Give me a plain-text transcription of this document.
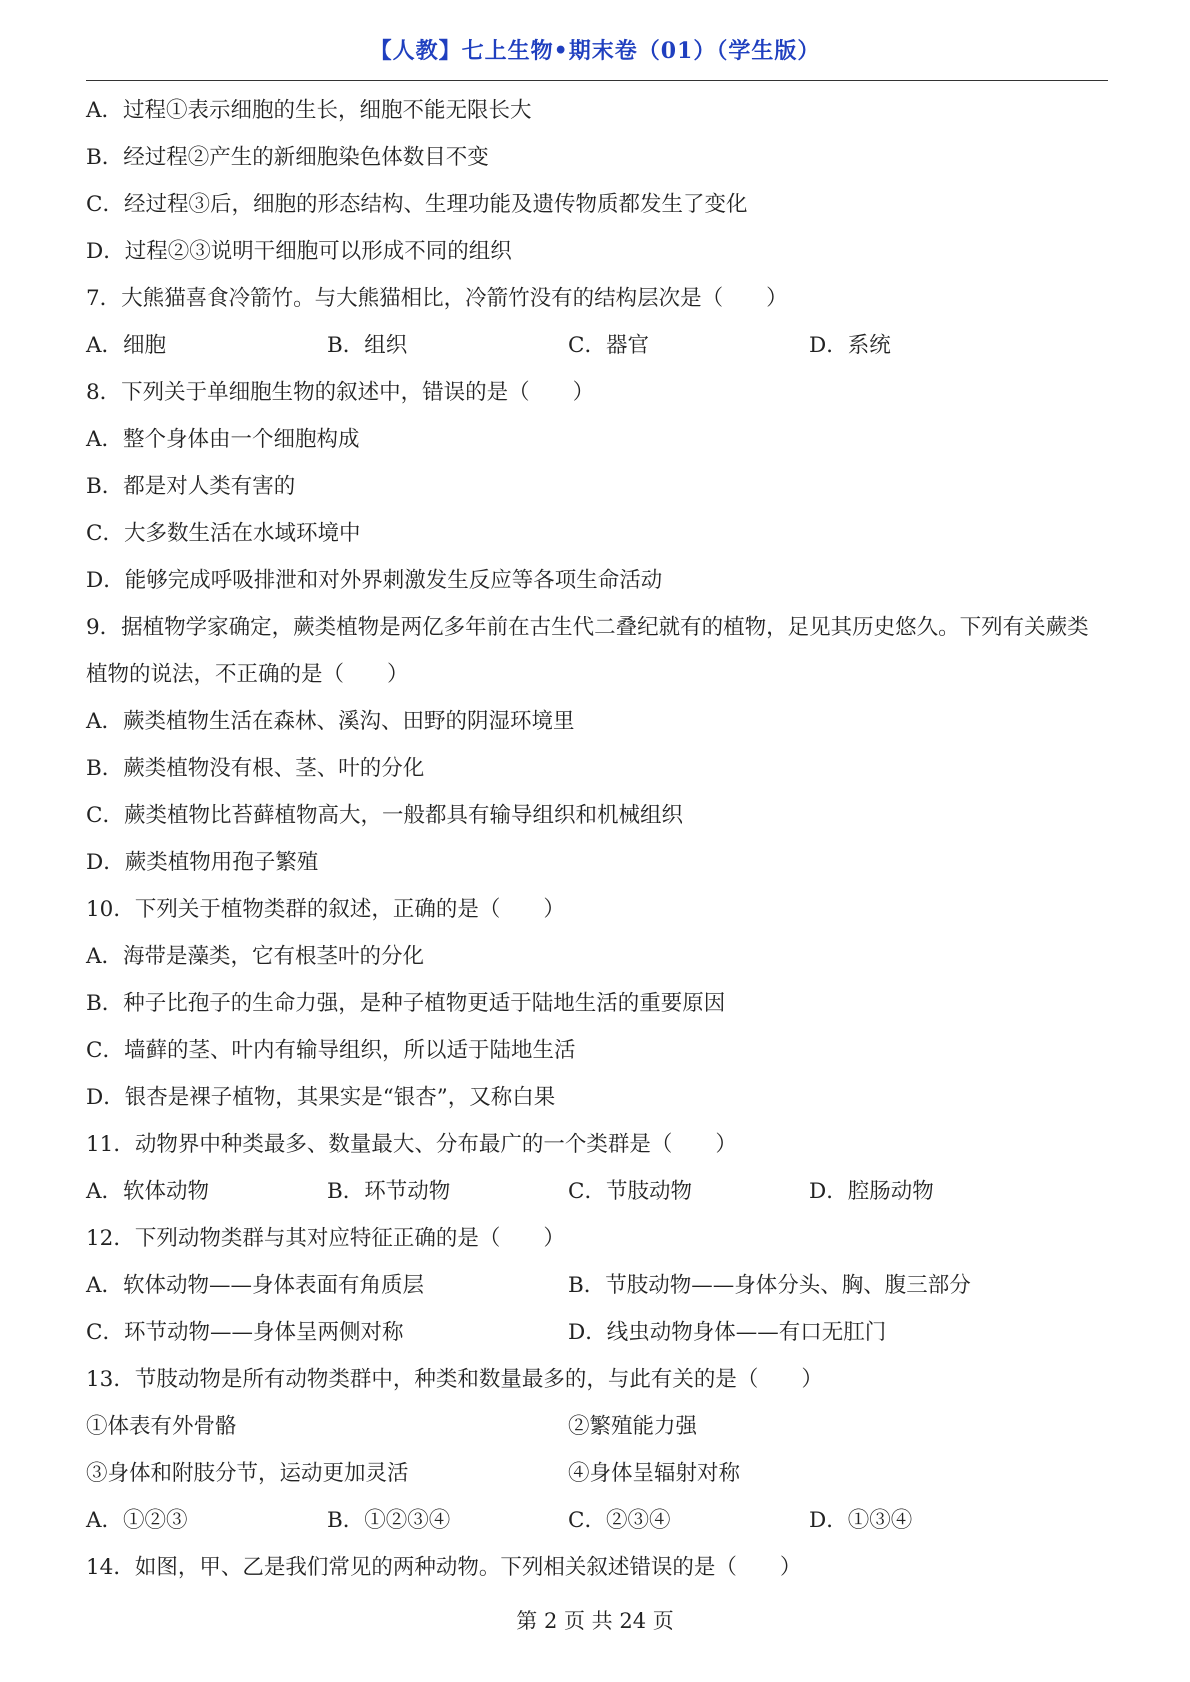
【人教】七上生物•期末卷（01）（学生版）
A．过程①表示细胞的生长，细胞不能无限长大
B．经过程②产生的新细胞染色体数目不变
C．经过程③后，细胞的形态结构、生理功能及遗传物质都发生了变化
D．过程②③说明干细胞可以形成不同的组织
7．大熊猫喜食冷箭竹。与大熊猫相比，冷箭竹没有的结构层次是（　　）
A．细胞	B．组织	C．器官	D．系统
8．下列关于单细胞生物的叙述中，错误的是（　　）
A．整个身体由一个细胞构成
B．都是对人类有害的
C．大多数生活在水域环境中
D．能够完成呼吸排泄和对外界刺激发生反应等各项生命活动
9．据植物学家确定，蕨类植物是两亿多年前在古生代二叠纪就有的植物，足见其历史悠久。下列有关蕨类植物的说法，不正确的是（　　）
A．蕨类植物生活在森林、溪沟、田野的阴湿环境里
B．蕨类植物没有根、茎、叶的分化
C．蕨类植物比苔藓植物高大，一般都具有输导组织和机械组织
D．蕨类植物用孢子繁殖
10．下列关于植物类群的叙述，正确的是（　　）
A．海带是藻类，它有根茎叶的分化
B．种子比孢子的生命力强，是种子植物更适于陆地生活的重要原因
C．墙藓的茎、叶内有输导组织，所以适于陆地生活
D．银杏是裸子植物，其果实是“银杏”，又称白果
11．动物界中种类最多、数量最大、分布最广的一个类群是（　　）
A．软体动物	B．环节动物	C．节肢动物	D．腔肠动物
12．下列动物类群与其对应特征正确的是（　　）
A．软体动物——身体表面有角质层	B．节肢动物——身体分头、胸、腹三部分
C．环节动物——身体呈两侧对称	D．线虫动物身体——有口无肛门
13．节肢动物是所有动物类群中，种类和数量最多的，与此有关的是（　　）
①体表有外骨骼	②繁殖能力强
③身体和附肢分节，运动更加灵活	④身体呈辐射对称
A．①②③	B．①②③④	C．②③④	D．①③④
14．如图，甲、乙是我们常见的两种动物。下列相关叙述错误的是（　　）
第 2 页 共 24 页
